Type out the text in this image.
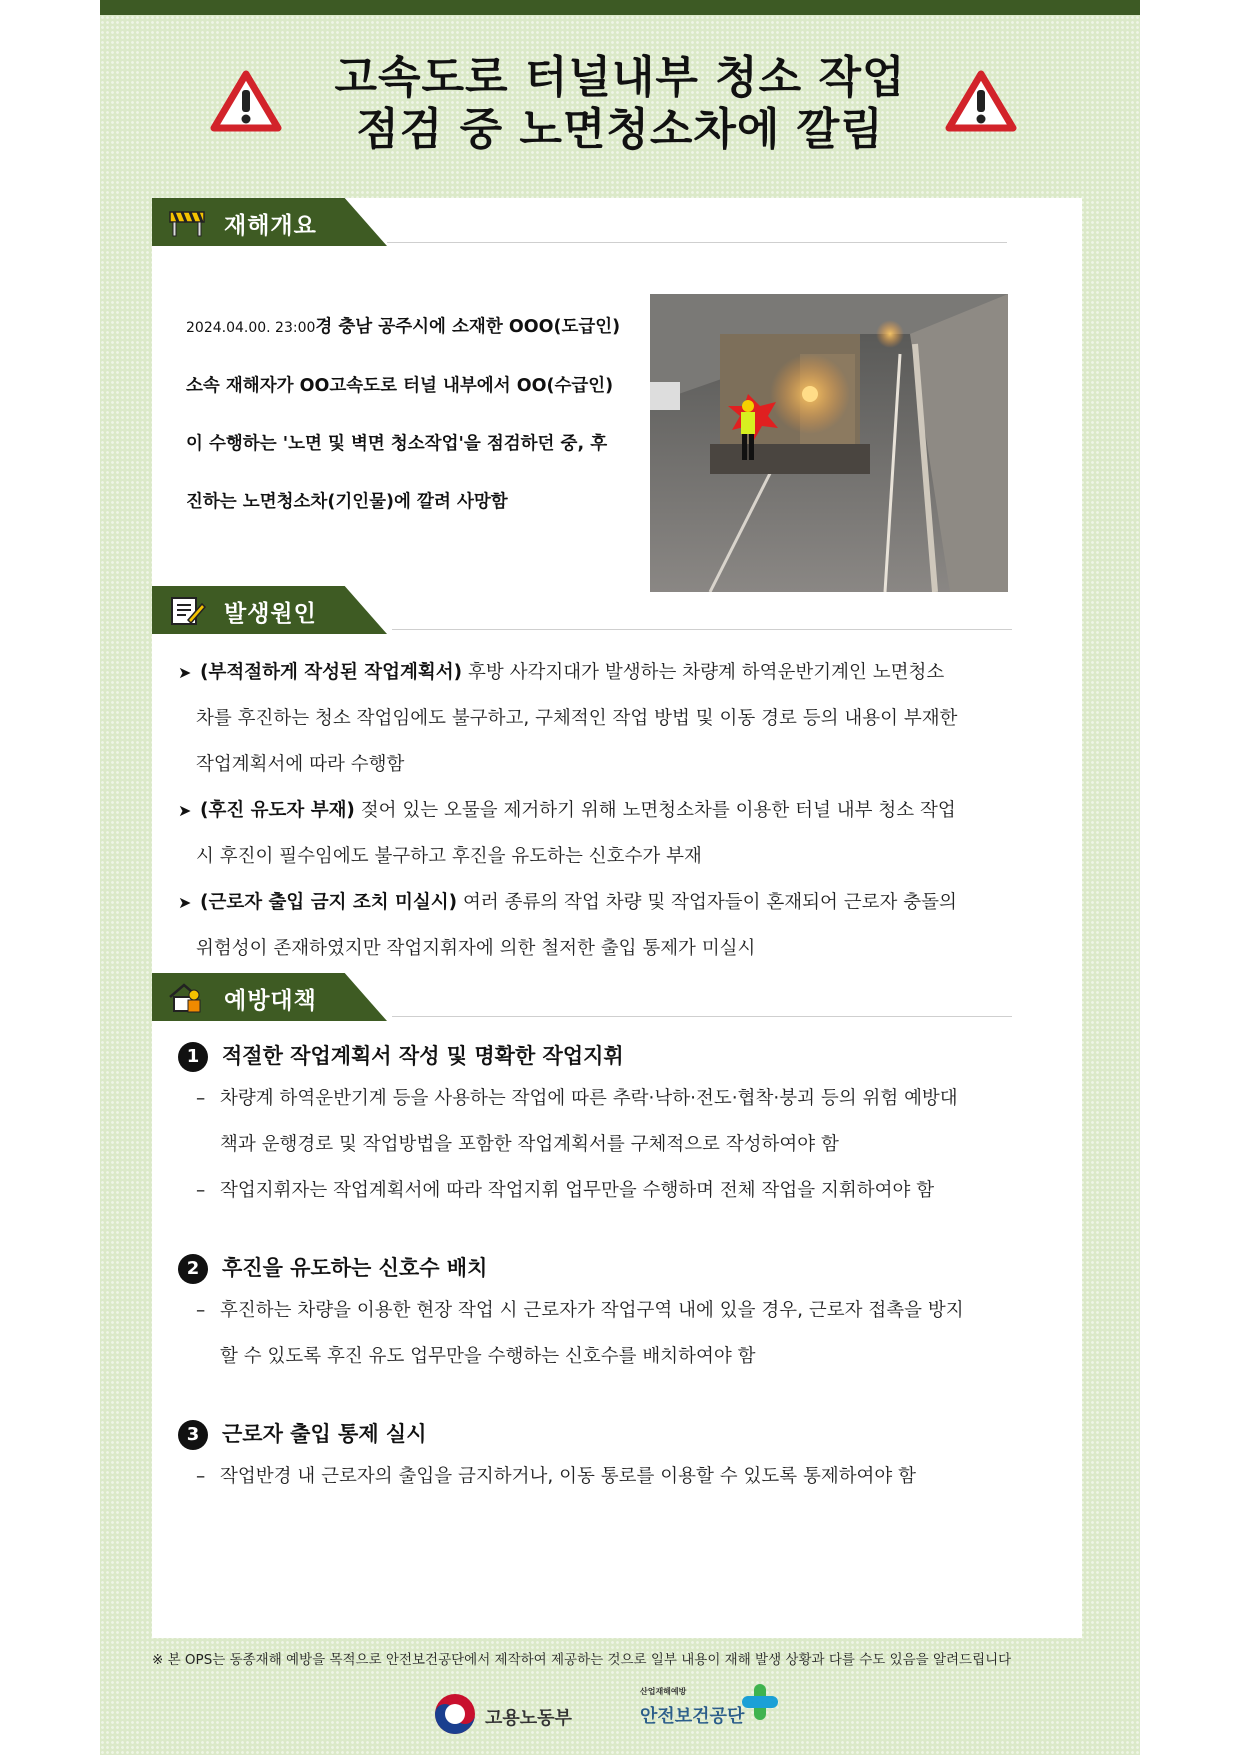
고속도로 터널내부 청소 작업
점검 중 노면청소차에 깔림
재해개요

2024.04.00. 23:00경 충남 공주시에 소재한 OOO(도급인)

소속 재해자가 OO고속도로 터널 내부에서 OO(수급인)

이 수행하는 '노면 및 벽면 청소작업'을 점검하던 중, 후

진하는 노면청소차(기인물)에 깔려 사망함

발생원인
➤ (부적절하게 작성된 작업계획서) 후방 사각지대가 발생하는 차량계 하역운반기계인 노면청소
차를 후진하는 청소 작업임에도 불구하고, 구체적인 작업 방법 및 이동 경로 등의 내용이 부재한
작업계획서에 따라 수행함
➤ (후진 유도자 부재) 젖어 있는 오물을 제거하기 위해 노면청소차를 이용한 터널 내부 청소 작업
시 후진이 필수임에도 불구하고 후진을 유도하는 신호수가 부재
➤ (근로자 출입 금지 조치 미실시) 여러 종류의 작업 차량 및 작업자들이 혼재되어 근로자 충돌의
위험성이 존재하였지만 작업지휘자에 의한 철저한 출입 통제가 미실시
예방대책
1 적절한 작업계획서 작성 및 명확한 작업지휘
– 차량계 하역운반기계 등을 사용하는 작업에 따른 추락·낙하·전도·협착·붕괴 등의 위험 예방대
책과 운행경로 및 작업방법을 포함한 작업계획서를 구체적으로 작성하여야 함
– 작업지휘자는 작업계획서에 따라 작업지휘 업무만을 수행하며 전체 작업을 지휘하여야 함
2 후진을 유도하는 신호수 배치
– 후진하는 차량을 이용한 현장 작업 시 근로자가 작업구역 내에 있을 경우, 근로자 접촉을 방지
할 수 있도록 후진 유도 업무만을 수행하는 신호수를 배치하여야 함
3 근로자 출입 통제 실시
– 작업반경 내 근로자의 출입을 금지하거나, 이동 통로를 이용할 수 있도록 통제하여야 함
※ 본 OPS는 동종재해 예방을 목적으로 안전보건공단에서 제작하여 제공하는 것으로 일부 내용이 재해 발생 상황과 다를 수도 있음을 알려드립니다
고용노동부
산업재해예방
안전보건공단
